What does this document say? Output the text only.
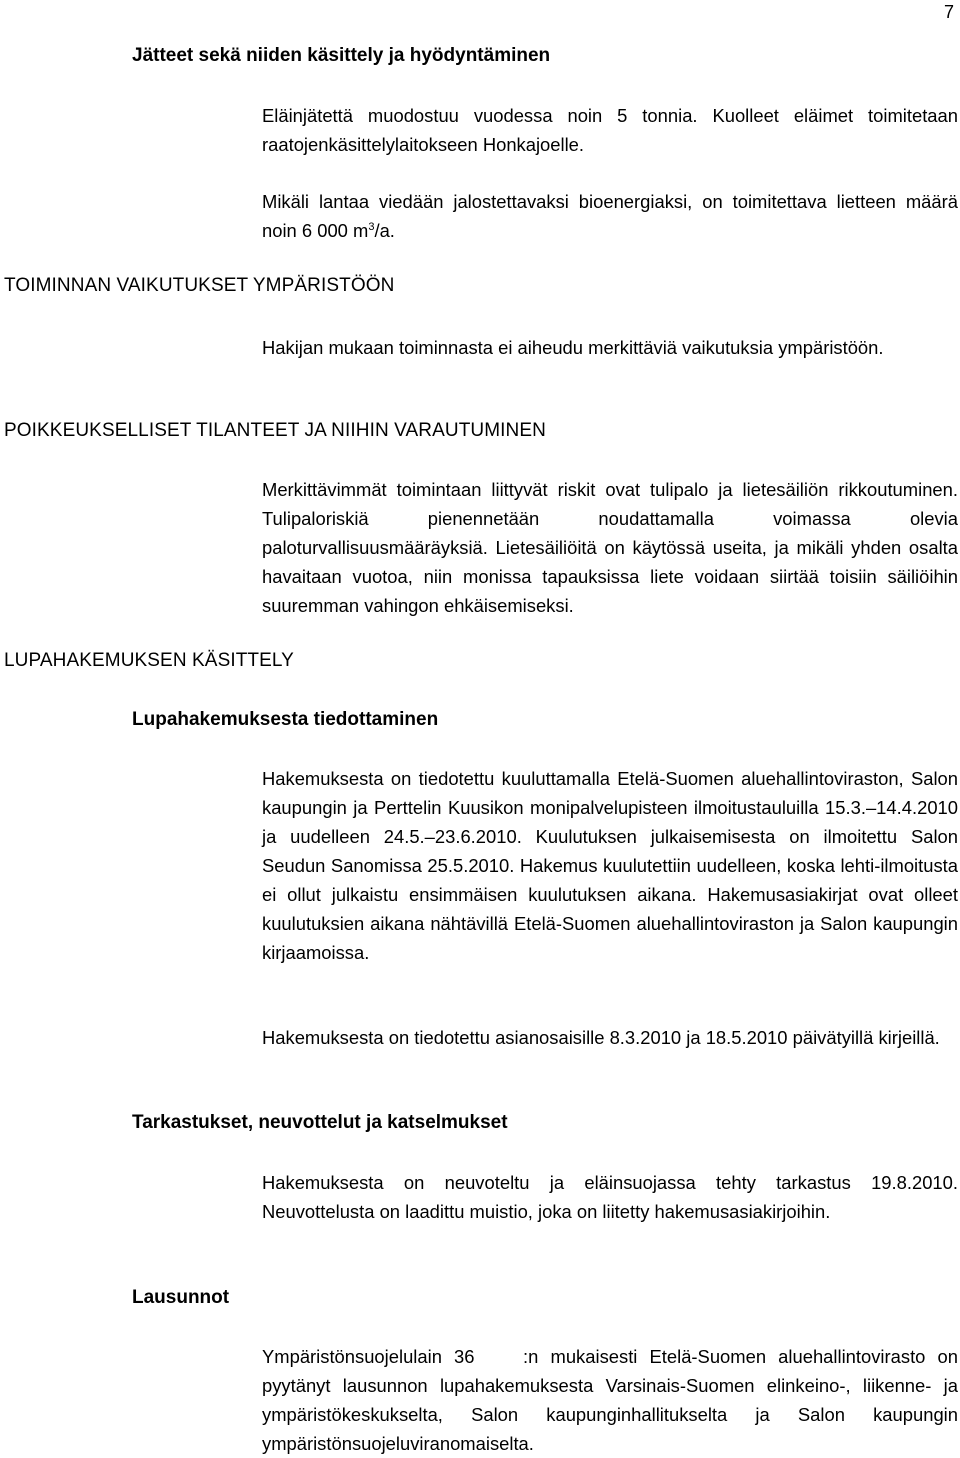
7
Jätteet sekä niiden käsittely ja hyödyntäminen

Eläinjätettä muodostuu vuodessa noin 5 tonnia. Kuolleet eläimet toimitetaan raatojenkäsittelylaitokseen Honkajoelle.

Mikäli lantaa viedään jalostettavaksi bioenergiaksi, on toimitettava lietteen määrä noin 6 000 $m^3/a$.

TOIMINNAN VAIKUTUKSET YMPÄRISTÖÖN

Hakijan mukaan toiminnasta ei aiheudu merkittäviä vaikutuksia ympäristöön.

POIKKEUKSELLISET TILANTEET JA NIIHIN VARAUTUMINEN

Merkittävimmät toimintaan liittyvät riskit ovat tulipalo ja lietesäiliön rikkoutuminen. Tulipaloriskiä pienennetään noudattamalla voimassa olevia paloturvallisuusmääräyksiä. Lietesäiliöitä on käytössä useita, ja mikäli yhden osalta havaitaan vuotoa, niin monissa tapauksissa liete voidaan siirtää toisiin säiliöihin suuremman vahingon ehkäisemiseksi.

LUPAHAKEMUKSEN KÄSITTELY
Lupahakemuksesta tiedottaminen

Hakemuksesta on tiedotettu kuuluttamalla Etelä-Suomen aluehallintoviraston, Salon kaupungin ja Perttelin Kuusikon monipalvelupisteen ilmoitustauluilla 15.3.–14.4.2010 ja uudelleen 24.5.–23.6.2010. Kuulutuksen julkaisemisesta on ilmoitettu Salon Seudun Sanomissa 25.5.2010. Hakemus kuulutettiin uudelleen, koska lehti-ilmoitusta ei ollut julkaistu ensimmäisen kuulutuksen aikana. Hakemusasiakirjat ovat olleet kuulutuksien aikana nähtävillä Etelä-Suomen aluehallintoviraston ja Salon kaupungin kirjaamoissa.

Hakemuksesta on tiedotettu asianosaisille 8.3.2010 ja 18.5.2010 päivätyillä kirjeillä.

Tarkastukset, neuvottelut ja katselmukset

Hakemuksesta on neuvoteltu ja eläinsuojassa tehty tarkastus 19.8.2010. Neuvottelusta on laadittu muistio, joka on liitetty hakemusasiakirjoihin.

Lausunnot

Ympäristönsuojelulain 36	:n mukaisesti Etelä-Suomen aluehallintovirasto on pyytänyt lausunnon lupahakemuksesta Varsinais-Suomen elinkeino-, liikenne- ja ympäristökeskukselta, Salon kaupunginhallitukselta ja Salon kaupungin ympäristönsuojeluviranomaiselta.
